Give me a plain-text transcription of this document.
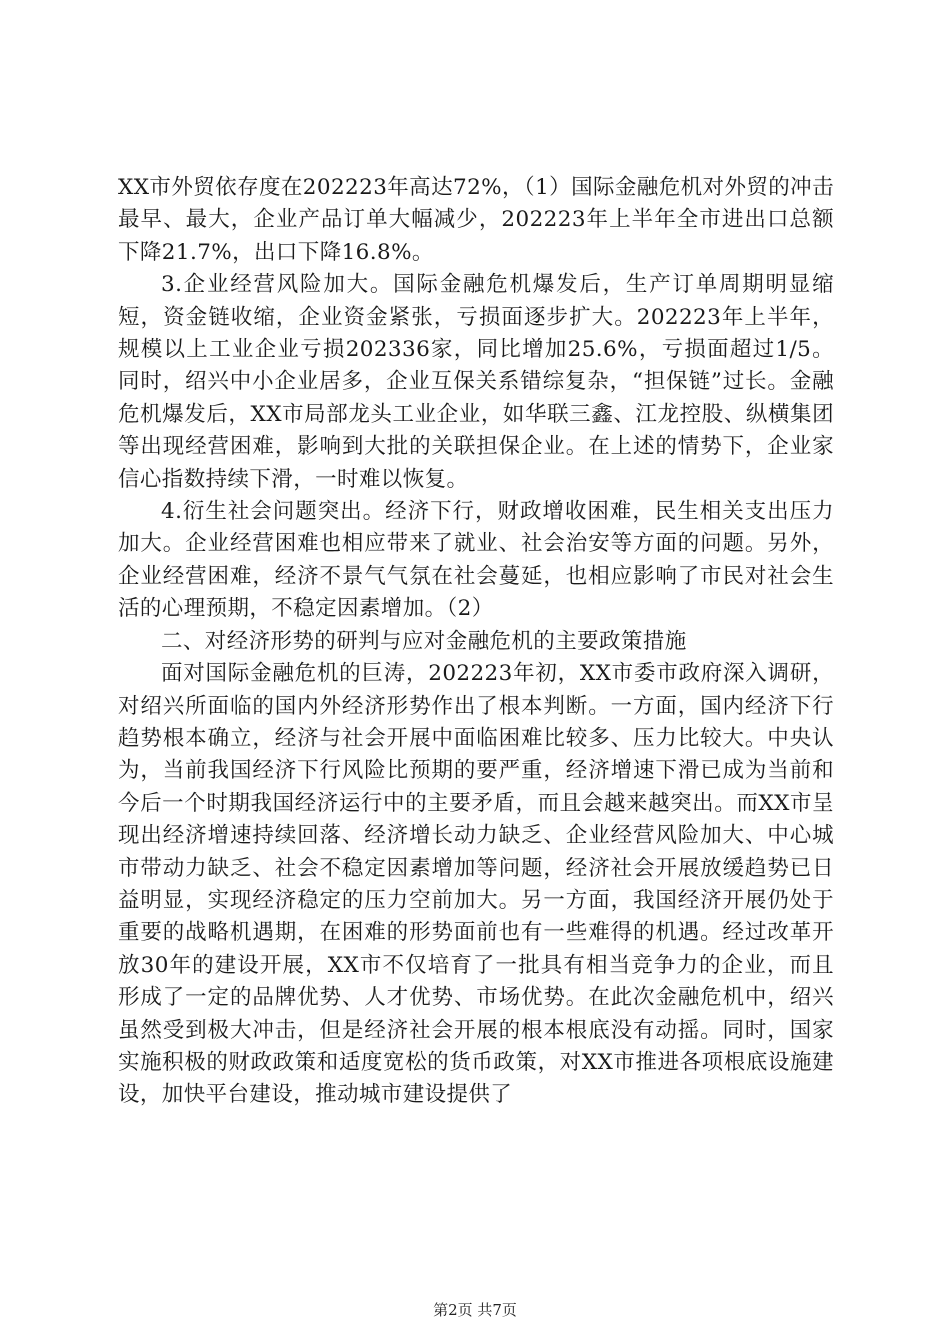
XX市外贸依存度在202223年高达72%，（1）国际金融危机对外贸的冲击最早、最大，企业产品订单大幅减少，202223年上半年全市进出口总额下降21.7%，出口下降16.8%。

3.企业经营风险加大。国际金融危机爆发后，生产订单周期明显缩短，资金链收缩，企业资金紧张，亏损面逐步扩大。202223年上半年，规模以上工业企业亏损202336家，同比增加25.6%，亏损面超过1/5。同时，绍兴中小企业居多，企业互保关系错综复杂，“担保链”过长。金融危机爆发后，XX市局部龙头工业企业，如华联三鑫、江龙控股、纵横集团等出现经营困难，影响到大批的关联担保企业。在上述的情势下，企业家信心指数持续下滑，一时难以恢复。

4.衍生社会问题突出。经济下行，财政增收困难，民生相关支出压力加大。企业经营困难也相应带来了就业、社会治安等方面的问题。另外，企业经营困难，经济不景气气氛在社会蔓延，也相应影响了市民对社会生活的心理预期，不稳定因素增加。（2）

二、对经济形势的研判与应对金融危机的主要政策措施

面对国际金融危机的巨涛，202223年初，XX市委市政府深入调研，对绍兴所面临的国内外经济形势作出了根本判断。一方面，国内经济下行趋势根本确立，经济与社会开展中面临困难比较多、压力比较大。中央认为，当前我国经济下行风险比预期的要严重，经济增速下滑已成为当前和今后一个时期我国经济运行中的主要矛盾，而且会越来越突出。而XX市呈现出经济增速持续回落、经济增长动力缺乏、企业经营风险加大、中心城市带动力缺乏、社会不稳定因素增加等问题，经济社会开展放缓趋势已日益明显，实现经济稳定的压力空前加大。另一方面，我国经济开展仍处于重要的战略机遇期，在困难的形势面前也有一些难得的机遇。经过改革开放30年的建设开展，XX市不仅培育了一批具有相当竞争力的企业，而且形成了一定的品牌优势、人才优势、市场优势。在此次金融危机中，绍兴虽然受到极大冲击，但是经济社会开展的根本根底没有动摇。同时，国家实施积极的财政政策和适度宽松的货币政策，对XX市推进各项根底设施建设，加快平台建设，推动城市建设提供了

第2页 共7页
